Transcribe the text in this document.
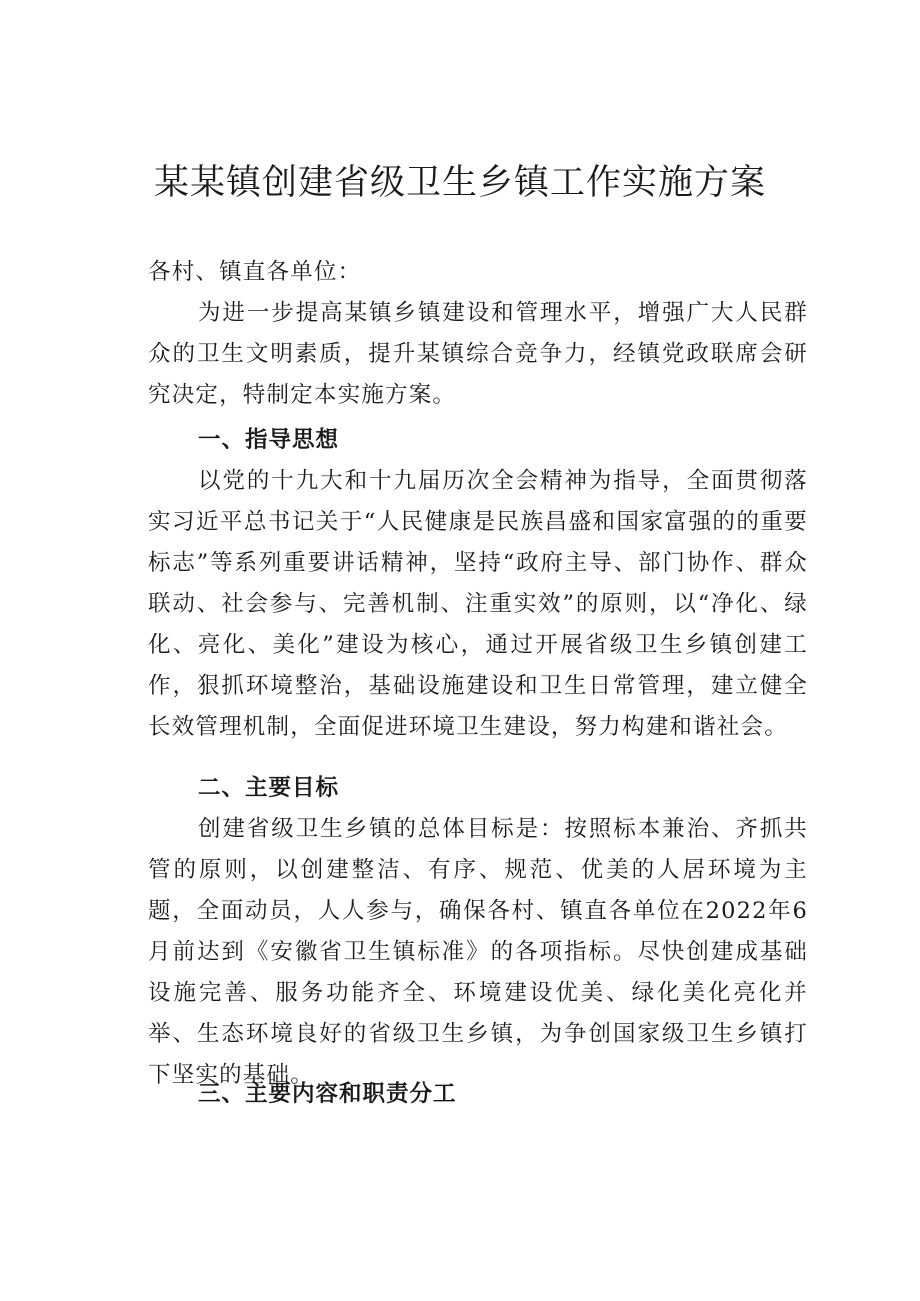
某某镇创建省级卫生乡镇工作实施方案

各村、镇直各单位：

为进一步提高某镇乡镇建设和管理水平，增强广大人民群众的卫生文明素质，提升某镇综合竞争力，经镇党政联席会研究决定，特制定本实施方案。

一、指导思想

以党的十九大和十九届历次全会精神为指导，全面贯彻落实习近平总书记关于“人民健康是民族昌盛和国家富强的的重要标志”等系列重要讲话精神，坚持“政府主导、部门协作、群众联动、社会参与、完善机制、注重实效”的原则，以“净化、绿化、亮化、美化”建设为核心，通过开展省级卫生乡镇创建工作，狠抓环境整治，基础设施建设和卫生日常管理，建立健全长效管理机制，全面促进环境卫生建设，努力构建和谐社会。

二、主要目标

创建省级卫生乡镇的总体目标是：按照标本兼治、齐抓共管的原则，以创建整洁、有序、规范、优美的人居环境为主题，全面动员，人人参与，确保各村、镇直各单位在2022年6月前达到《安徽省卫生镇标准》的各项指标。尽快创建成基础设施完善、服务功能齐全、环境建设优美、绿化美化亮化并举、生态环境良好的省级卫生乡镇，为争创国家级卫生乡镇打下坚实的基础。

三、主要内容和职责分工
